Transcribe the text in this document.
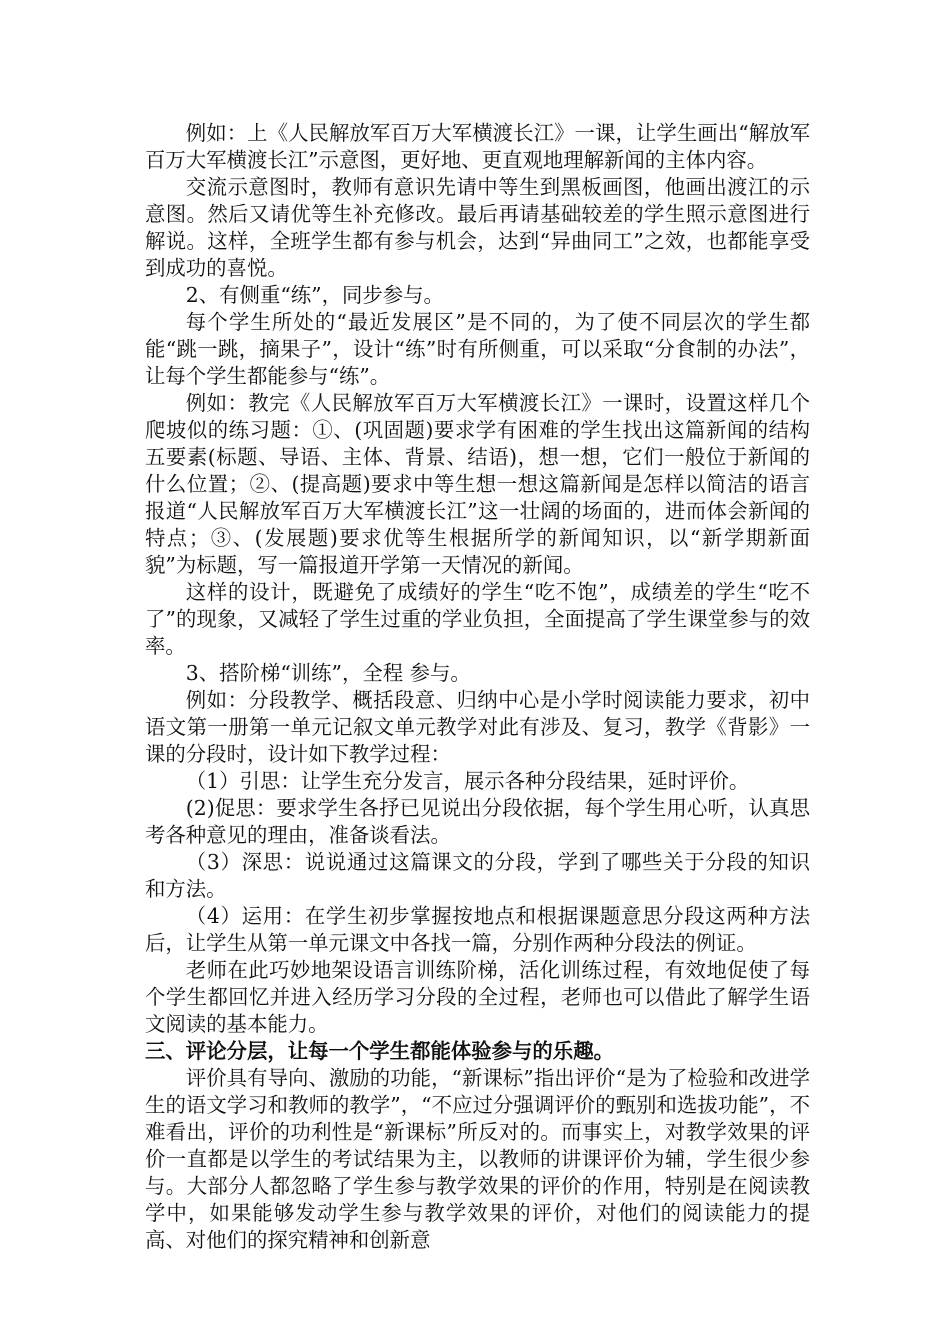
例如：上《人民解放军百万大军横渡长江》一课，让学生画出“解放军百万大军横渡长江”示意图，更好地、更直观地理解新闻的主体内容。

交流示意图时，教师有意识先请中等生到黑板画图，他画出渡江的示意图。然后又请优等生补充修改。最后再请基础较差的学生照示意图进行解说。这样，全班学生都有参与机会，达到“异曲同工”之效，也都能享受到成功的喜悦。

2、有侧重“练”，同步参与。

每个学生所处的“最近发展区”是不同的，为了使不同层次的学生都能“跳一跳，摘果子”，设计“练”时有所侧重，可以采取“分食制的办法”，让每个学生都能参与“练”。

例如：教完《人民解放军百万大军横渡长江》一课时，设置这样几个爬坡似的练习题：①、(巩固题)要求学有困难的学生找出这篇新闻的结构五要素(标题、导语、主体、背景、结语)，想一想，它们一般位于新闻的什么位置；②、(提高题)要求中等生想一想这篇新闻是怎样以简洁的语言报道“人民解放军百万大军横渡长江”这一壮阔的场面的，进而体会新闻的特点；③、(发展题)要求优等生根据所学的新闻知识，以“新学期新面貌”为标题，写一篇报道开学第一天情况的新闻。

这样的设计，既避免了成绩好的学生“吃不饱”，成绩差的学生“吃不了”的现象，又减轻了学生过重的学业负担，全面提高了学生课堂参与的效率。

3、搭阶梯“训练”，全程 参与。

例如：分段教学、概括段意、归纳中心是小学时阅读能力要求，初中语文第一册第一单元记叙文单元教学对此有涉及、复习，教学《背影》一课的分段时，设计如下教学过程：

（1）引思：让学生充分发言，展示各种分段结果，延时评价。

(2)促思：要求学生各抒已见说出分段依据，每个学生用心听，认真思考各种意见的理由，准备谈看法。

（3）深思：说说通过这篇课文的分段，学到了哪些关于分段的知识和方法。

（4）运用：在学生初步掌握按地点和根据课题意思分段这两种方法后，让学生从第一单元课文中各找一篇，分别作两种分段法的例证。

老师在此巧妙地架设语言训练阶梯，活化训练过程，有效地促使了每个学生都回忆并进入经历学习分段的全过程，老师也可以借此了解学生语文阅读的基本能力。

三、评论分层，让每一个学生都能体验参与的乐趣。

评价具有导向、激励的功能，“新课标”指出评价“是为了检验和改进学生的语文学习和教师的教学”，“不应过分强调评价的甄别和选拔功能”，不难看出，评价的功利性是“新课标”所反对的。而事实上，对教学效果的评价一直都是以学生的考试结果为主，以教师的讲课评价为辅，学生很少参与。大部分人都忽略了学生参与教学效果的评价的作用，特别是在阅读教学中，如果能够发动学生参与教学效果的评价，对他们的阅读能力的提高、对他们的探究精神和创新意
